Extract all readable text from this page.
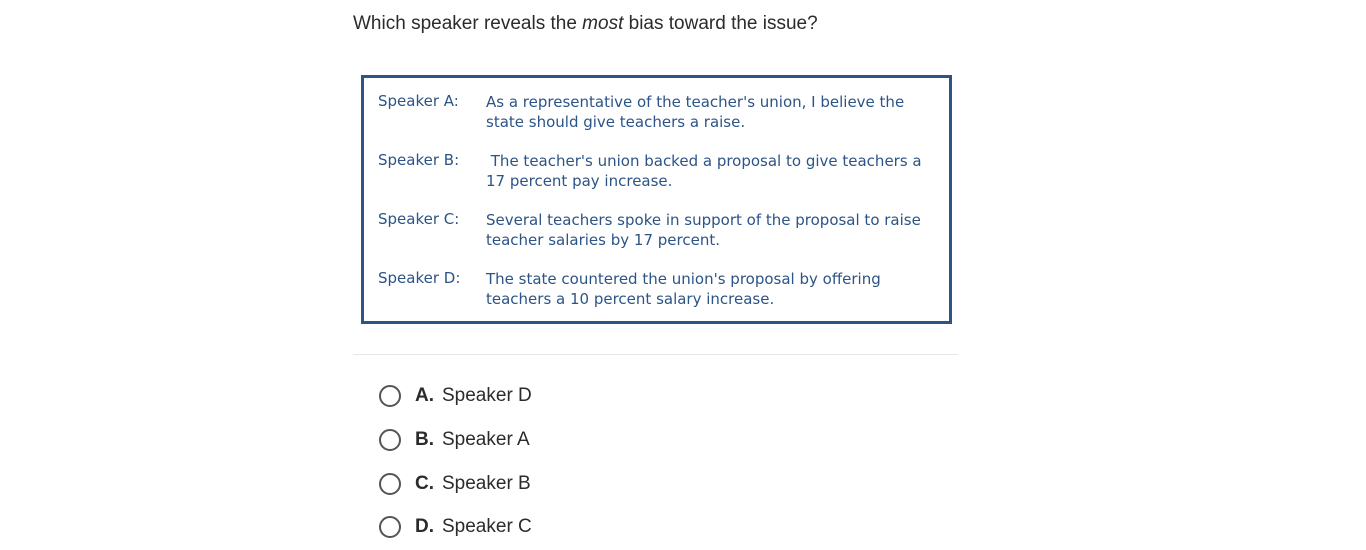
Which speaker reveals the most bias toward the issue?
Speaker A: As a representative of the teacher's union, I believe the state should give teachers a raise.
Speaker B: The teacher's union backed a proposal to give teachers a 17 percent pay increase.
Speaker C: Several teachers spoke in support of the proposal to raise teacher salaries by 17 percent.
Speaker D: The state countered the union's proposal by offering teachers a 10 percent salary increase.
A. Speaker D
B. Speaker A
C. Speaker B
D. Speaker C
